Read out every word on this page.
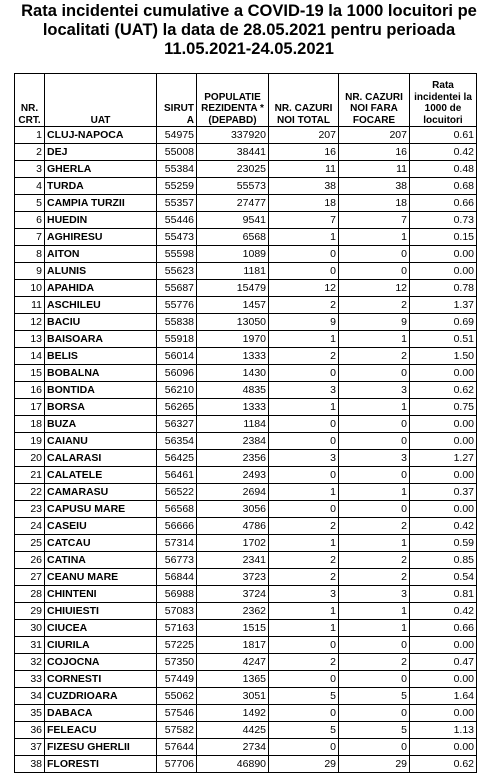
Rata incidentei cumulative a COVID-19 la 1000 locuitori pe
localitati (UAT) la data de 28.05.2021 pentru perioada
11.05.2021-24.05.2021
NR.
CRT.	UAT	SIRUT A	POPULATIE REZIDENTA * (DEPABD)	NR. CAZURI NOI TOTAL	NR. CAZURI NOI FARA FOCARE	Rata incidentei la 1000 de locuitori
1	CLUJ-NAPOCA	54975	337920	207	207	0.61
2	DEJ	55008	38441	16	16	0.42
3	GHERLA	55384	23025	11	11	0.48
4	TURDA	55259	55573	38	38	0.68
5	CAMPIA TURZII	55357	27477	18	18	0.66
6	HUEDIN	55446	9541	7	7	0.73
7	AGHIRESU	55473	6568	1	1	0.15
8	AITON	55598	1089	0	0	0.00
9	ALUNIS	55623	1181	0	0	0.00
10	APAHIDA	55687	15479	12	12	0.78
11	ASCHILEU	55776	1457	2	2	1.37
12	BACIU	55838	13050	9	9	0.69
13	BAISOARA	55918	1970	1	1	0.51
14	BELIS	56014	1333	2	2	1.50
15	BOBALNA	56096	1430	0	0	0.00
16	BONTIDA	56210	4835	3	3	0.62
17	BORSA	56265	1333	1	1	0.75
18	BUZA	56327	1184	0	0	0.00
19	CAIANU	56354	2384	0	0	0.00
20	CALARASI	56425	2356	3	3	1.27
21	CALATELE	56461	2493	0	0	0.00
22	CAMARASU	56522	2694	1	1	0.37
23	CAPUSU MARE	56568	3056	0	0	0.00
24	CASEIU	56666	4786	2	2	0.42
25	CATCAU	57314	1702	1	1	0.59
26	CATINA	56773	2341	2	2	0.85
27	CEANU MARE	56844	3723	2	2	0.54
28	CHINTENI	56988	3724	3	3	0.81
29	CHIUIESTI	57083	2362	1	1	0.42
30	CIUCEA	57163	1515	1	1	0.66
31	CIURILA	57225	1817	0	0	0.00
32	COJOCNA	57350	4247	2	2	0.47
33	CORNESTI	57449	1365	0	0	0.00
34	CUZDRIOARA	55062	3051	5	5	1.64
35	DABACA	57546	1492	0	0	0.00
36	FELEACU	57582	4425	5	5	1.13
37	FIZESU GHERLII	57644	2734	0	0	0.00
38	FLORESTI	57706	46890	29	29	0.62
